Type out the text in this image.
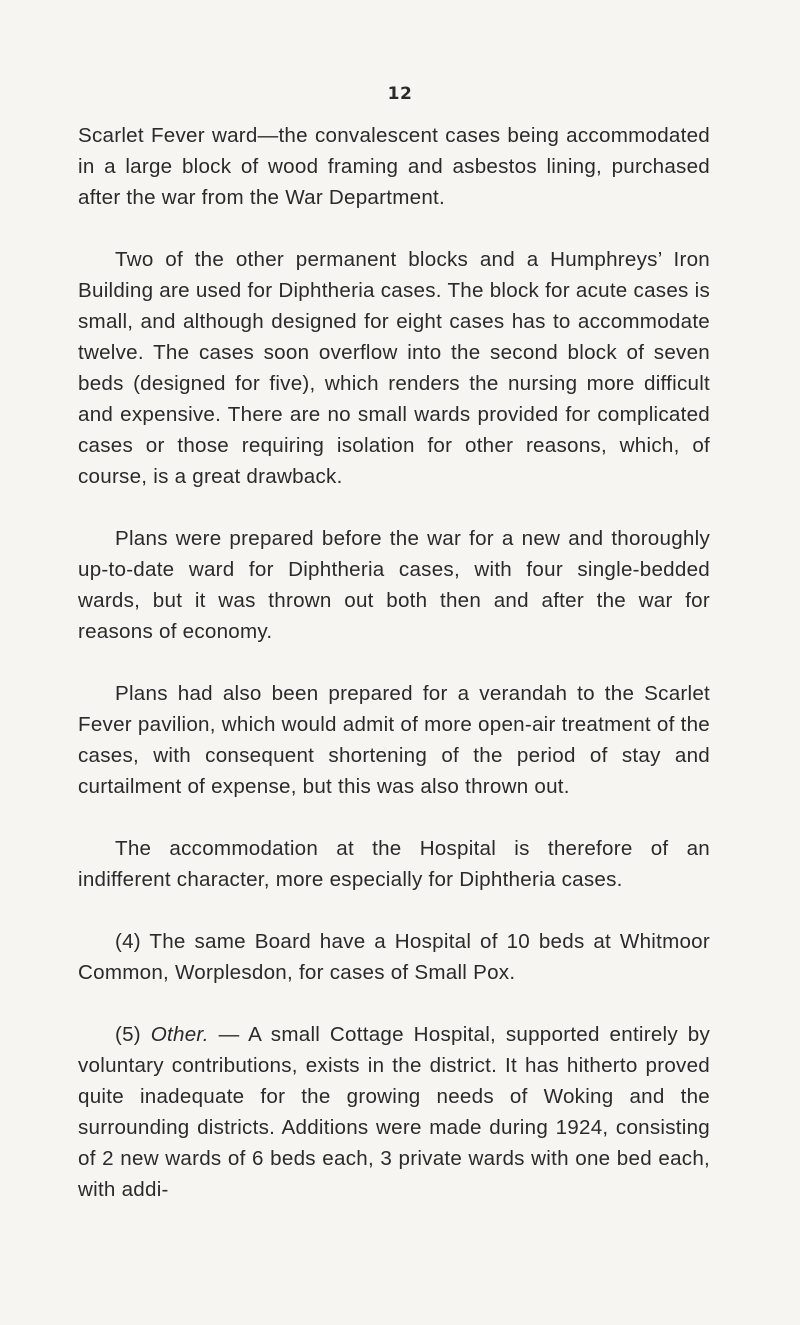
12

Scarlet Fever ward—the convalescent cases being accommodated in a large block of wood framing and asbestos lining, purchased after the war from the War Department.

Two of the other permanent blocks and a Humphreys’ Iron Building are used for Diphtheria cases. The block for acute cases is small, and although designed for eight cases has to accommodate twelve. The cases soon overflow into the second block of seven beds (designed for five), which renders the nursing more difficult and expensive. There are no small wards provided for complicated cases or those requiring isolation for other reasons, which, of course, is a great drawback.

Plans were prepared before the war for a new and thoroughly up-to-date ward for Diphtheria cases, with four single-bedded wards, but it was thrown out both then and after the war for reasons of economy.

Plans had also been prepared for a verandah to the Scarlet Fever pavilion, which would admit of more open-air treatment of the cases, with consequent shortening of the period of stay and curtailment of expense, but this was also thrown out.

The accommodation at the Hospital is therefore of an indifferent character, more especially for Diphtheria cases.

(4) The same Board have a Hospital of 10 beds at Whitmoor Common, Worplesdon, for cases of Small Pox.

(5) Other. — A small Cottage Hospital, supported entirely by voluntary contributions, exists in the district. It has hitherto proved quite inadequate for the growing needs of Woking and the surrounding districts. Additions were made during 1924, consisting of 2 new wards of 6 beds each, 3 private wards with one bed each, with addi-
